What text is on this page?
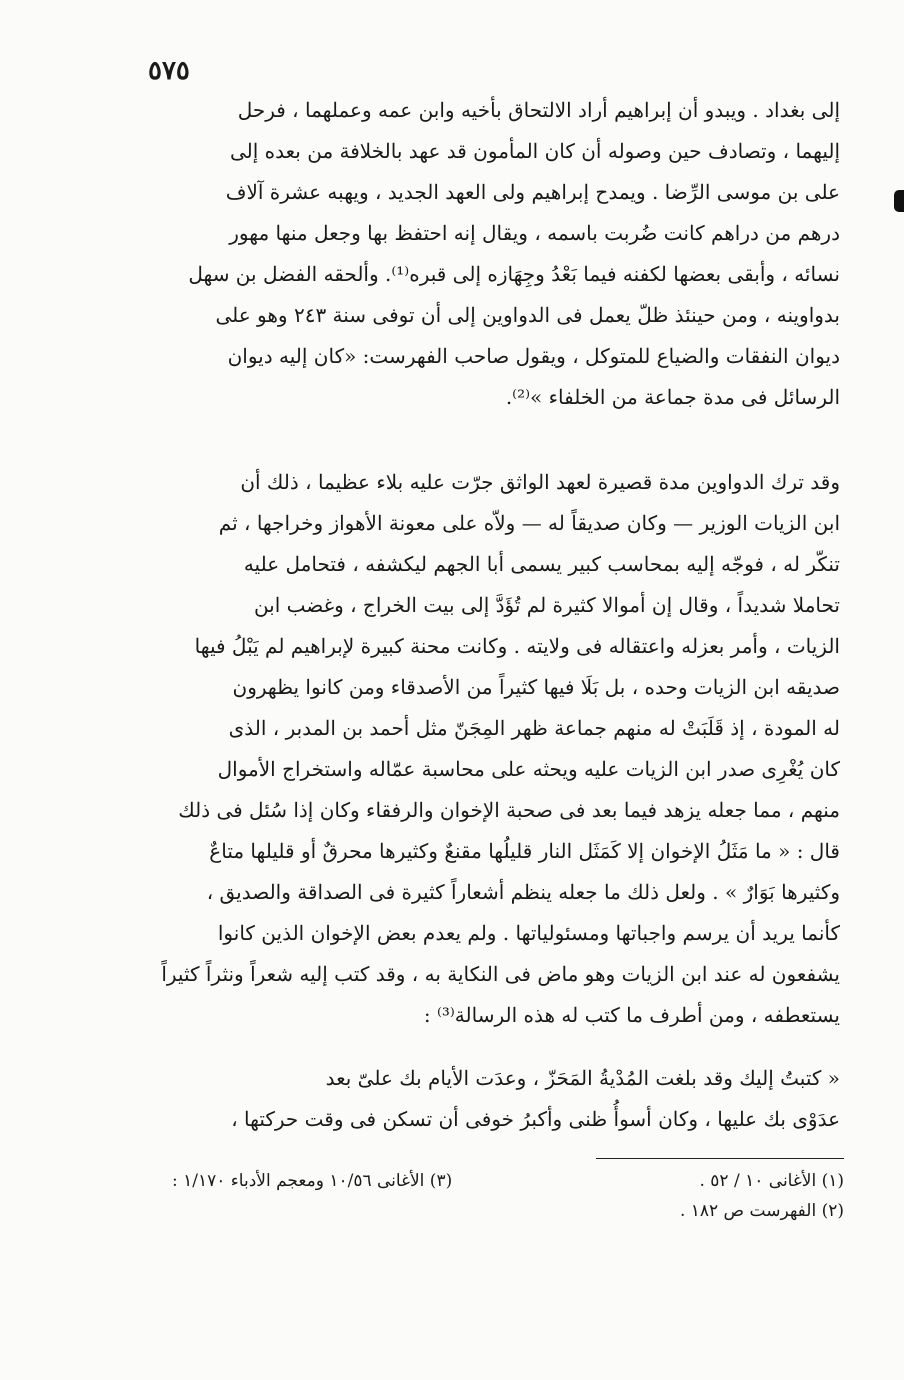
٥٧٥
إلى بغداد . ويبدو أن إبراهيم أراد الالتحاق بأخيه وابن عمه وعملهما ، فرحل
إليهما ، وتصادف حين وصوله أن كان المأمون قد عهد بالخلافة من بعده إلى
على بن موسى الرِّضا . ويمدح إبراهيم ولى العهد الجديد ، ويهبه عشرة آلاف
درهم من دراهم كانت ضُربت باسمه ، ويقال إنه احتفظ بها وجعل منها مهور
نسائه ، وأبقى بعضها لكفنه فيما بَعْدُ وجِهَازه إلى قبره⁽¹⁾. وألحقه الفضل بن سهل
بدواوينه ، ومن حينئذ ظلّ يعمل فى الدواوين إلى أن توفى سنة ٢٤٣ وهو على
ديوان النفقات والضياع للمتوكل ، ويقول صاحب الفهرست: «كان إليه ديوان
الرسائل فى مدة جماعة من الخلفاء »⁽²⁾.
وقد ترك الدواوين مدة قصيرة لعهد الواثق جرّت عليه بلاء عظيما ، ذلك أن
ابن الزيات الوزير — وكان صديقاً له — ولاّه على معونة الأهواز وخراجها ، ثم
تنكّر له ، فوجّه إليه بمحاسب كبير يسمى أبا الجهم ليكشفه ، فتحامل عليه
تحاملا شديداً ، وقال إن أموالا كثيرة لم تُؤَدَّ إلى بيت الخراج ، وغضب ابن
الزيات ، وأمر بعزله واعتقاله فى ولايته . وكانت محنة كبيرة لإبراهيم لم يَبْلُ فيها
صديقه ابن الزيات وحده ، بل بَلَا فيها كثيراً من الأصدقاء ومن كانوا يظهرون
له المودة ، إذ قَلَبَتْ له منهم جماعة ظهر المِجَنّ مثل أحمد بن المدبر ، الذى
كان يُغْرِى صدر ابن الزيات عليه ويحثه على محاسبة عمّاله واستخراج الأموال
منهم ، مما جعله يزهد فيما بعد فى صحبة الإخوان والرفقاء وكان إذا سُئل فى ذلك
قال : « ما مَثَلُ الإخوان إلا كَمَثَل النار قليلُها مقنعٌ وكثيرها محرقٌ أو قليلها متاعٌ
وكثيرها بَوَارٌ » . ولعل ذلك ما جعله ينظم أشعاراً كثيرة فى الصداقة والصديق ،
كأنما يريد أن يرسم واجباتها ومسئولياتها . ولم يعدم بعض الإخوان الذين كانوا
يشفعون له عند ابن الزيات وهو ماض فى النكاية به ، وقد كتب إليه شعراً ونثراً كثيراً
يستعطفه ، ومن أطرف ما كتب له هذه الرسالة⁽³⁾ :
« كتبتُ إليك وقد بلغت المُدْيةُ المَحَزّ ، وعدَت الأيام بك علىّ بعد
عدَوْى بك عليها ، وكان أسوأُ ظنى وأكبرُ خوفى أن تسكن فى وقت حركتها ،
(١) الأغانى ١٠ / ٥٢ .
(٣) الأغانى ١٠/٥٦ ومعجم الأدباء ١/١٧٠ :
(٢) الفهرست ص ١٨٢ .
